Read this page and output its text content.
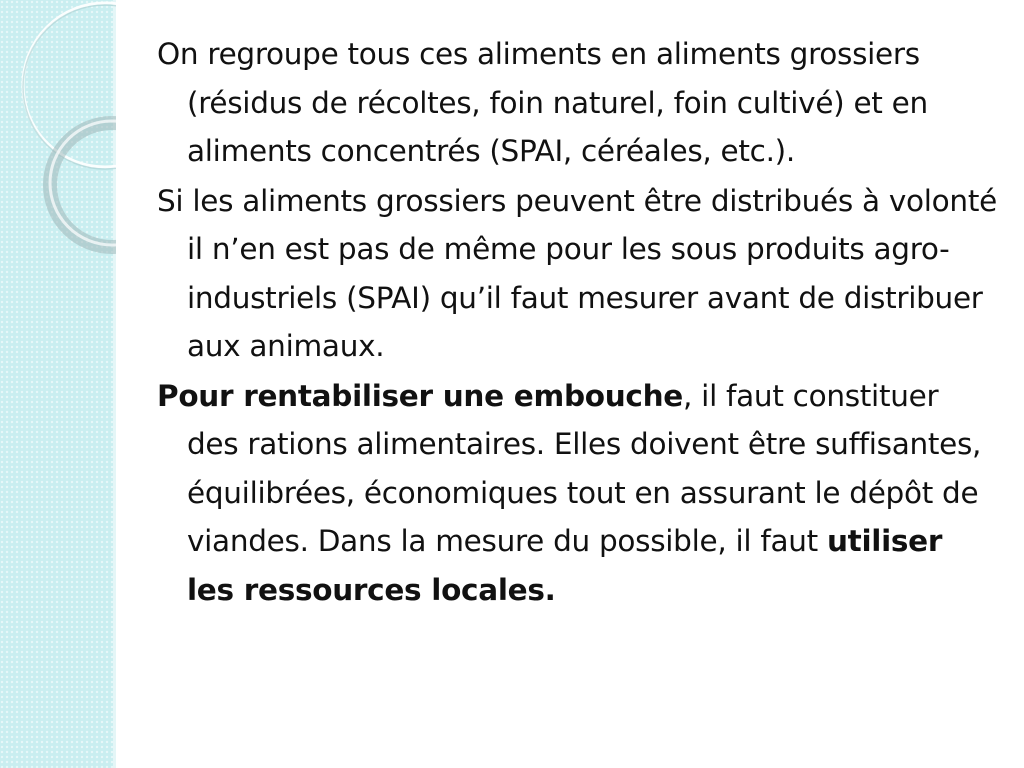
On regroupe tous ces aliments en aliments grossiers (résidus de récoltes, foin naturel, foin cultivé) et en aliments concentrés (SPAI, céréales, etc.).

Si les aliments grossiers peuvent être distribués à volonté il n’en est pas de même pour les sous produits agro- industriels (SPAI) qu’il faut mesurer avant de distribuer aux animaux.

Pour rentabiliser une embouche, il faut constituer des rations alimentaires. Elles doivent être suffisantes, équilibrées, économiques tout en assurant le dépôt de viandes. Dans la mesure du possible, il faut utiliser les ressources locales.
